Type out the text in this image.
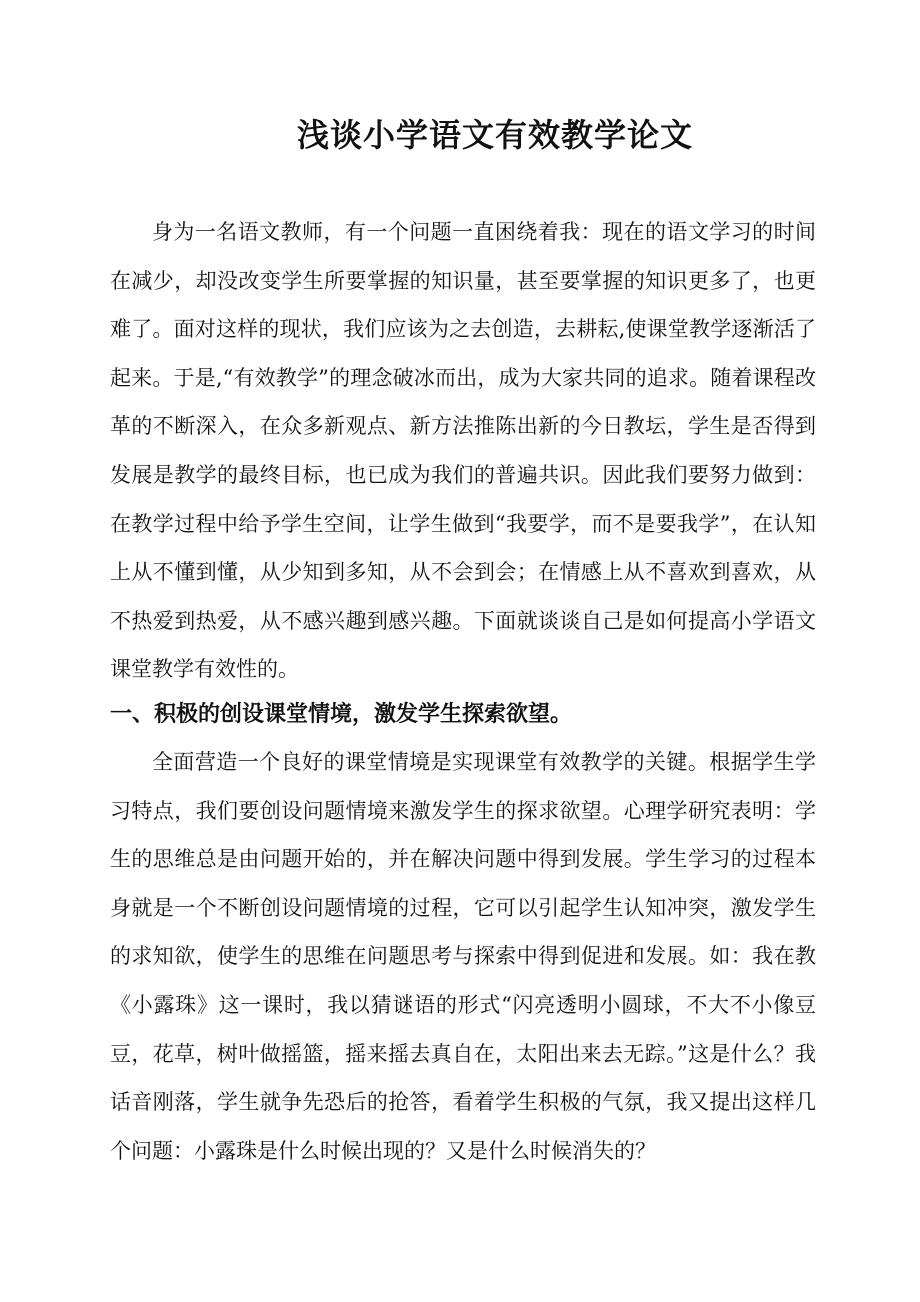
浅谈小学语文有效教学论文

身为一名语文教师，有一个问题一直困绕着我：现在的语文学习的时间在减少，却没改变学生所要掌握的知识量，甚至要掌握的知识更多了，也更难了。面对这样的现状，我们应该为之去创造，去耕耘,使课堂教学逐渐活了起来。于是,“有效教学”的理念破冰而出，成为大家共同的追求。随着课程改革的不断深入，在众多新观点、新方法推陈出新的今日教坛，学生是否得到发展是教学的最终目标，也已成为我们的普遍共识。因此我们要努力做到：在教学过程中给予学生空间，让学生做到“我要学，而不是要我学”，在认知上从不懂到懂，从少知到多知，从不会到会；在情感上从不喜欢到喜欢，从不热爱到热爱，从不感兴趣到感兴趣。下面就谈谈自己是如何提高小学语文课堂教学有效性的。

一、积极的创设课堂情境，激发学生探索欲望。

全面营造一个良好的课堂情境是实现课堂有效教学的关键。根据学生学习特点，我们要创设问题情境来激发学生的探求欲望。心理学研究表明：学生的思维总是由问题开始的，并在解决问题中得到发展。学生学习的过程本身就是一个不断创设问题情境的过程，它可以引起学生认知冲突，激发学生的求知欲，使学生的思维在问题思考与探索中得到促进和发展。如：我在教《小露珠》这一课时，我以猜谜语的形式“闪亮透明小圆球，不大不小像豆豆，花草，树叶做摇篮，摇来摇去真自在，太阳出来去无踪。”这是什么？我话音刚落，学生就争先恐后的抢答，看着学生积极的气氛，我又提出这样几个问题：小露珠是什么时候出现的？又是什么时候消失的？
